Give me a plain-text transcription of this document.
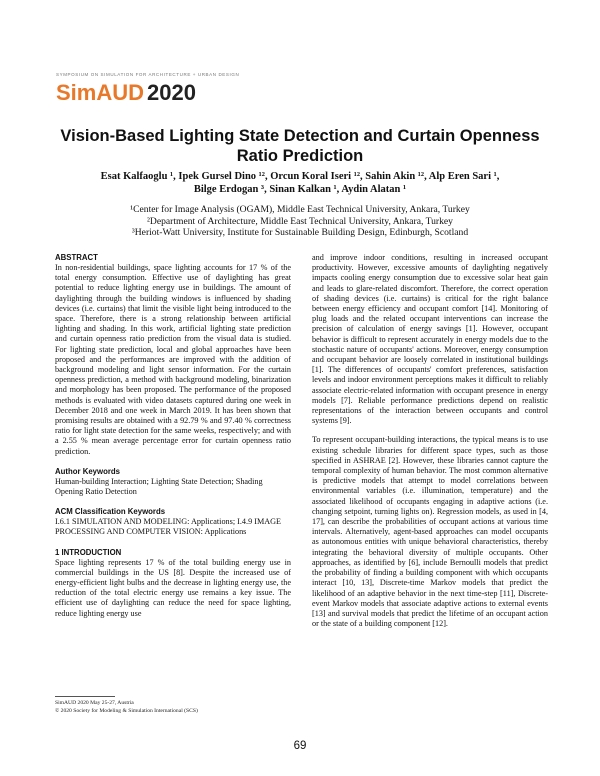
SYMPOSIUM ON SIMULATION FOR ARCHITECTURE + URBAN DESIGN
SimAUD 2020
Vision-Based Lighting State Detection and Curtain Openness Ratio Prediction
Esat Kalfaoglu ¹, Ipek Gursel Dino ¹², Orcun Koral Iseri ¹², Sahin Akin ¹², Alp Eren Sari ¹,
Bilge Erdogan ³, Sinan Kalkan ¹, Aydin Alatan ¹
¹Center for Image Analysis (OGAM), Middle East Technical University, Ankara, Turkey
²Department of Architecture, Middle East Technical University, Ankara, Turkey
³Heriot-Watt University, Institute for Sustainable Building Design, Edinburgh, Scotland
ABSTRACT

In non-residential buildings, space lighting accounts for 17 % of the total energy consumption. Effective use of daylighting has great potential to reduce lighting energy use in buildings. The amount of daylighting through the building windows is influenced by shading devices (i.e. curtains) that limit the visible light being introduced to the space. Therefore, there is a strong relationship between artificial lighting and shading. In this work, artificial lighting state prediction and curtain openness ratio prediction from the visual data is studied. For lighting state prediction, local and global approaches have been proposed and the performances are improved with the addition of background modeling and light sensor information. For the curtain openness prediction, a method with background modeling, binarization and morphology has been proposed. The performance of the proposed methods is evaluated with video datasets captured during one week in December 2018 and one week in March 2019. It has been shown that promising results are obtained with a 92.79 % and 97.40 % correctness ratio for light state detection for the same weeks, respectively; and with a 2.55 % mean average percentage error for curtain openness ratio prediction.

Author Keywords

Human-building Interaction; Lighting State Detection; Shading Opening Ratio Detection

ACM Classification Keywords

I.6.1 SIMULATION AND MODELING: Applications; I.4.9 IMAGE PROCESSING AND COMPUTER VISION: Applications

1 INTRODUCTION

Space lighting represents 17 % of the total building energy use in commercial buildings in the US [8]. Despite the increased use of energy-efficient light bulbs and the decrease in lighting energy use, the reduction of the total electric energy use remains a key issue. The efficient use of daylighting can reduce the need for space lighting, reduce lighting energy use

and improve indoor conditions, resulting in increased occupant productivity. However, excessive amounts of daylighting negatively impacts cooling energy consumption due to excessive solar heat gain and leads to glare-related discomfort. Therefore, the correct operation of shading devices (i.e. curtains) is critical for the right balance between energy efficiency and occupant comfort [14]. Monitoring of plug loads and the related occupant interventions can increase the precision of calculation of energy savings [1]. However, occupant behavior is difficult to represent accurately in energy models due to the stochastic nature of occupants' actions. Moreover, energy consumption and occupant behavior are loosely correlated in institutional buildings [1]. The differences of occupants' comfort preferences, satisfaction levels and indoor environment perceptions makes it difficult to reliably associate electric-related information with occupant presence in energy models [7]. Reliable performance predictions depend on realistic representations of the interaction between occupants and control systems [9].

To represent occupant-building interactions, the typical means is to use existing schedule libraries for different space types, such as those specified in ASHRAE [2]. However, these libraries cannot capture the temporal complexity of human behavior. The most common alternative is predictive models that attempt to model correlations between environmental variables (i.e. illumination, temperature) and the associated likelihood of occupants engaging in adaptive actions (i.e. changing setpoint, turning lights on). Regression models, as used in [4, 17], can describe the probabilities of occupant actions at various time intervals. Alternatively, agent-based approaches can model occupants as autonomous entities with unique behavioral characteristics, thereby integrating the behavioral diversity of multiple occupants. Other approaches, as identified by [6], include Bernoulli models that predict the probability of finding a building component with which occupants interact [10, 13], Discrete-time Markov models that predict the likelihood of an adaptive behavior in the next time-step [11], Discrete-event Markov models that associate adaptive actions to external events [13] and survival models that predict the lifetime of an occupant action or the state of a building component [12].

SimAUD 2020 May 25-27, Austria
© 2020 Society for Modeling & Simulation International (SCS)
69
